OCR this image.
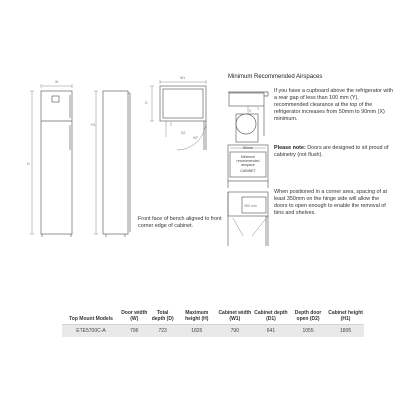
W
H
H1
W1
D
D2
90°
Y
X
350 mm
50mm
Minimum
recommended
airspace
CABINET
Minimum Recommended Airspaces
If you have a cupboard above the refrigerator with a rear gap of less than 100 mm (Y), recommended clearance at the top of the refrigerator increases from 50mm to 90mm (X) minimum.
Please note: Doors are designed to sit proud of cabinetry (not flush).
When positioned in a corner area, spacing of at least 350mm on the hinge side will allow the doors to open enough to enable the removal of bins and shelves.
Front face of bench aligned to front corner edge of cabinet.
Top Mount Models	Door width (W)	Total depth (D)	Maximum height (H)	Cabinet width (W1)	Cabinet depth (D1)	Depth door open (D2)	Cabinet height (H1)
ETE5700C-A	796	723	1825	790	641	1055	1805
